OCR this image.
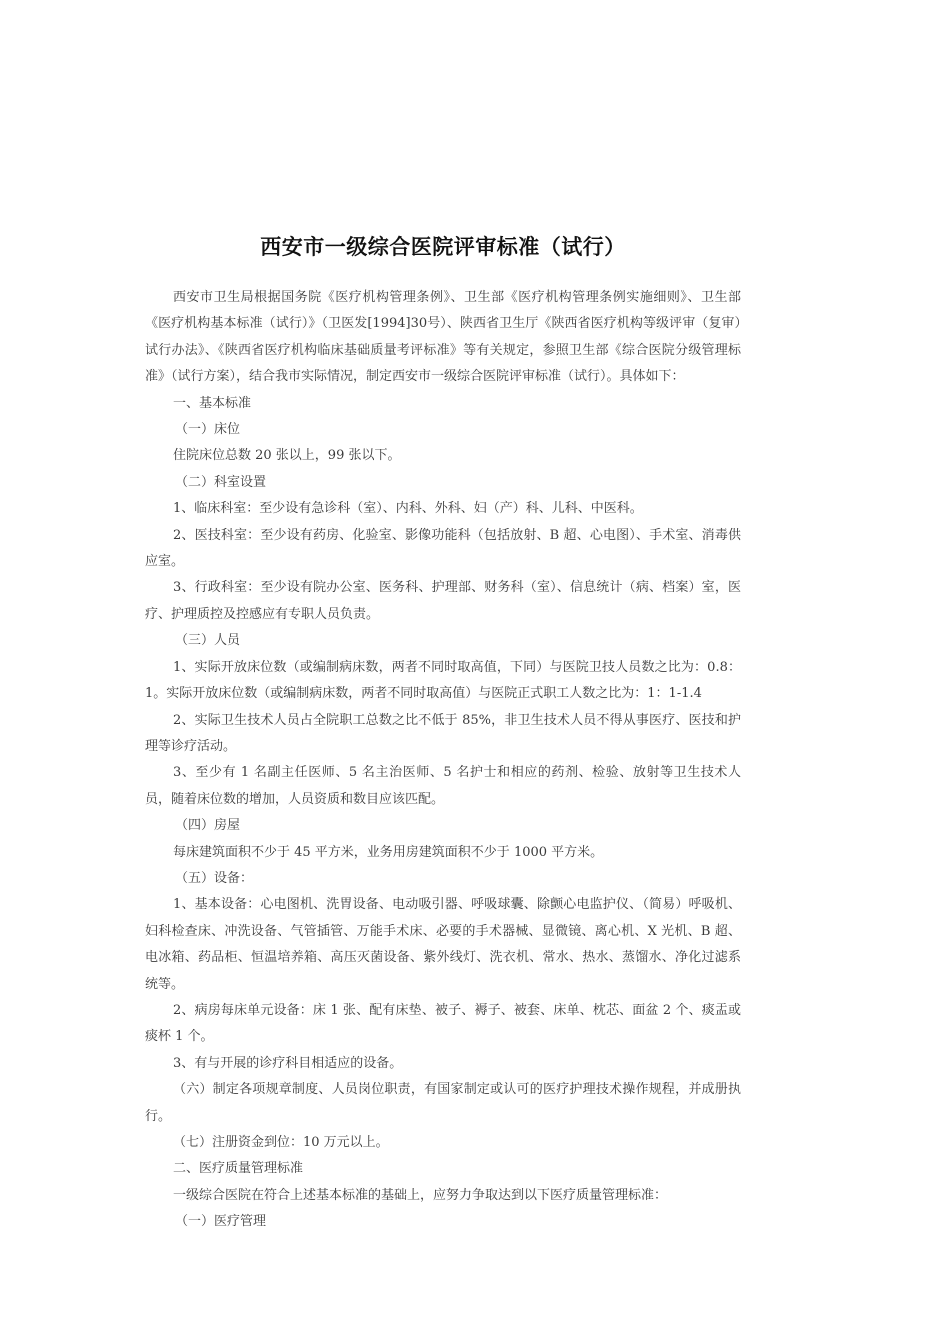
西安市一级综合医院评审标准（试行）

西安市卫生局根据国务院《医疗机构管理条例》、卫生部《医疗机构管理条例实施细则》、卫生部《医疗机构基本标准（试行）》（卫医发[1994]30号）、陕西省卫生厅《陕西省医疗机构等级评审（复审）试行办法》、《陕西省医疗机构临床基础质量考评标准》等有关规定，参照卫生部《综合医院分级管理标准》（试行方案），结合我市实际情况，制定西安市一级综合医院评审标准（试行）。具体如下：

一、基本标准

（一）床位

住院床位总数 20 张以上，99 张以下。

（二）科室设置

1、临床科室：至少设有急诊科（室）、内科、外科、妇（产）科、儿科、中医科。

2、医技科室：至少设有药房、化验室、影像功能科（包括放射、B 超、心电图）、手术室、消毒供应室。

3、行政科室：至少设有院办公室、医务科、护理部、财务科（室）、信息统计（病、档案）室，医疗、护理质控及控感应有专职人员负责。

（三）人员

1、实际开放床位数（或编制病床数，两者不同时取高值，下同）与医院卫技人员数之比为：0.8：1。实际开放床位数（或编制病床数，两者不同时取高值）与医院正式职工人数之比为：1：1-1.4

2、实际卫生技术人员占全院职工总数之比不低于 85%，非卫生技术人员不得从事医疗、医技和护理等诊疗活动。

3、至少有 1 名副主任医师、5 名主治医师、5 名护士和相应的药剂、检验、放射等卫生技术人员，随着床位数的增加，人员资质和数目应该匹配。

（四）房屋

每床建筑面积不少于 45 平方米，业务用房建筑面积不少于 1000 平方米。

（五）设备：

1、基本设备：心电图机、洗胃设备、电动吸引器、呼吸球囊、除颤心电监护仪、（简易）呼吸机、妇科检查床、冲洗设备、气管插管、万能手术床、必要的手术器械、显微镜、离心机、X 光机、B 超、电冰箱、药品柜、恒温培养箱、高压灭菌设备、紫外线灯、洗衣机、常水、热水、蒸馏水、净化过滤系统等。

2、病房每床单元设备：床 1 张、配有床垫、被子、褥子、被套、床单、枕芯、面盆 2 个、痰盂或痰杯 1 个。

3、有与开展的诊疗科目相适应的设备。

（六）制定各项规章制度、人员岗位职责，有国家制定或认可的医疗护理技术操作规程，并成册执行。

（七）注册资金到位：10 万元以上。

二、医疗质量管理标准

一级综合医院在符合上述基本标准的基础上，应努力争取达到以下医疗质量管理标准：

（一）医疗管理
